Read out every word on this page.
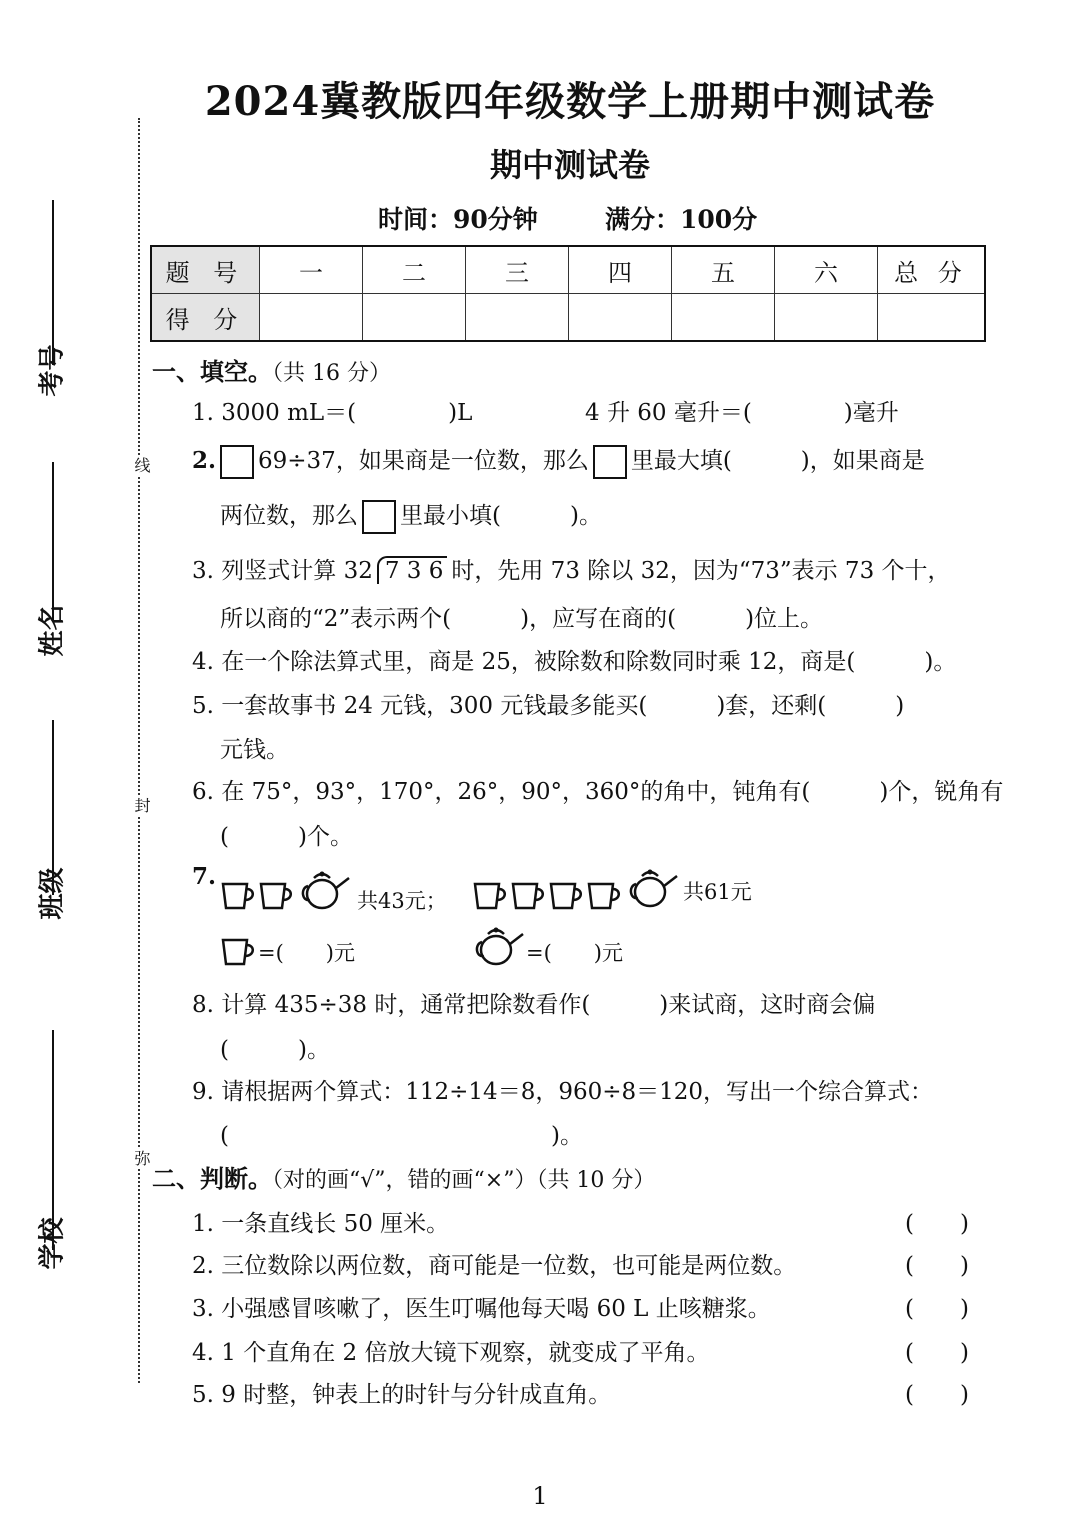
线
封
弥
考号
姓名
班级
学校
2024冀教版四年级数学上册期中测试卷
期中测试卷
时间：90分钟	满分：100分
题 号	一	二	三	四	五	六	总 分
得 分							
一、填空。（共 16 分）
1. 3000 mL＝(　　　　)L	4 升 60 毫升＝(　　　　)毫升
2. 69÷37，如果商是一位数，那么 里最大填(　　　)，如果商是
两位数，那么 里最小填(　　　)。
3. 列竖式计算 32 7 3 6 时，先用 73 除以 32，因为“73”表示 73 个十，
所以商的“2”表示两个(　　　)，应写在商的(　　　)位上。
4. 在一个除法算式里，商是 25，被除数和除数同时乘 12，商是(　　　)。
5. 一套故事书 24 元钱，300 元钱最多能买(　　　)套，还剩(　　　)
元钱。
6. 在 75°，93°，170°，26°，90°，360°的角中，钝角有(　　　)个，锐角有
(　　　)个。
7.
共43元；	共61元
=(　　)元	=(　　)元
8. 计算 435÷38 时，通常把除数看作(　　　)来试商，这时商会偏
(　　　)。
9. 请根据两个算式：112÷14＝8，960÷8＝120，写出一个综合算式：
(　　　　　　　　　　　　　　)。
二、判断。（对的画“√”，错的画“×”）（共 10 分）
1. 一条直线长 50 厘米。	(　　)
2. 三位数除以两位数，商可能是一位数，也可能是两位数。	(　　)
3. 小强感冒咳嗽了，医生叮嘱他每天喝 60 L 止咳糖浆。	(　　)
4. 1 个直角在 2 倍放大镜下观察，就变成了平角。	(　　)
5. 9 时整，钟表上的时针与分针成直角。	(　　)
1
